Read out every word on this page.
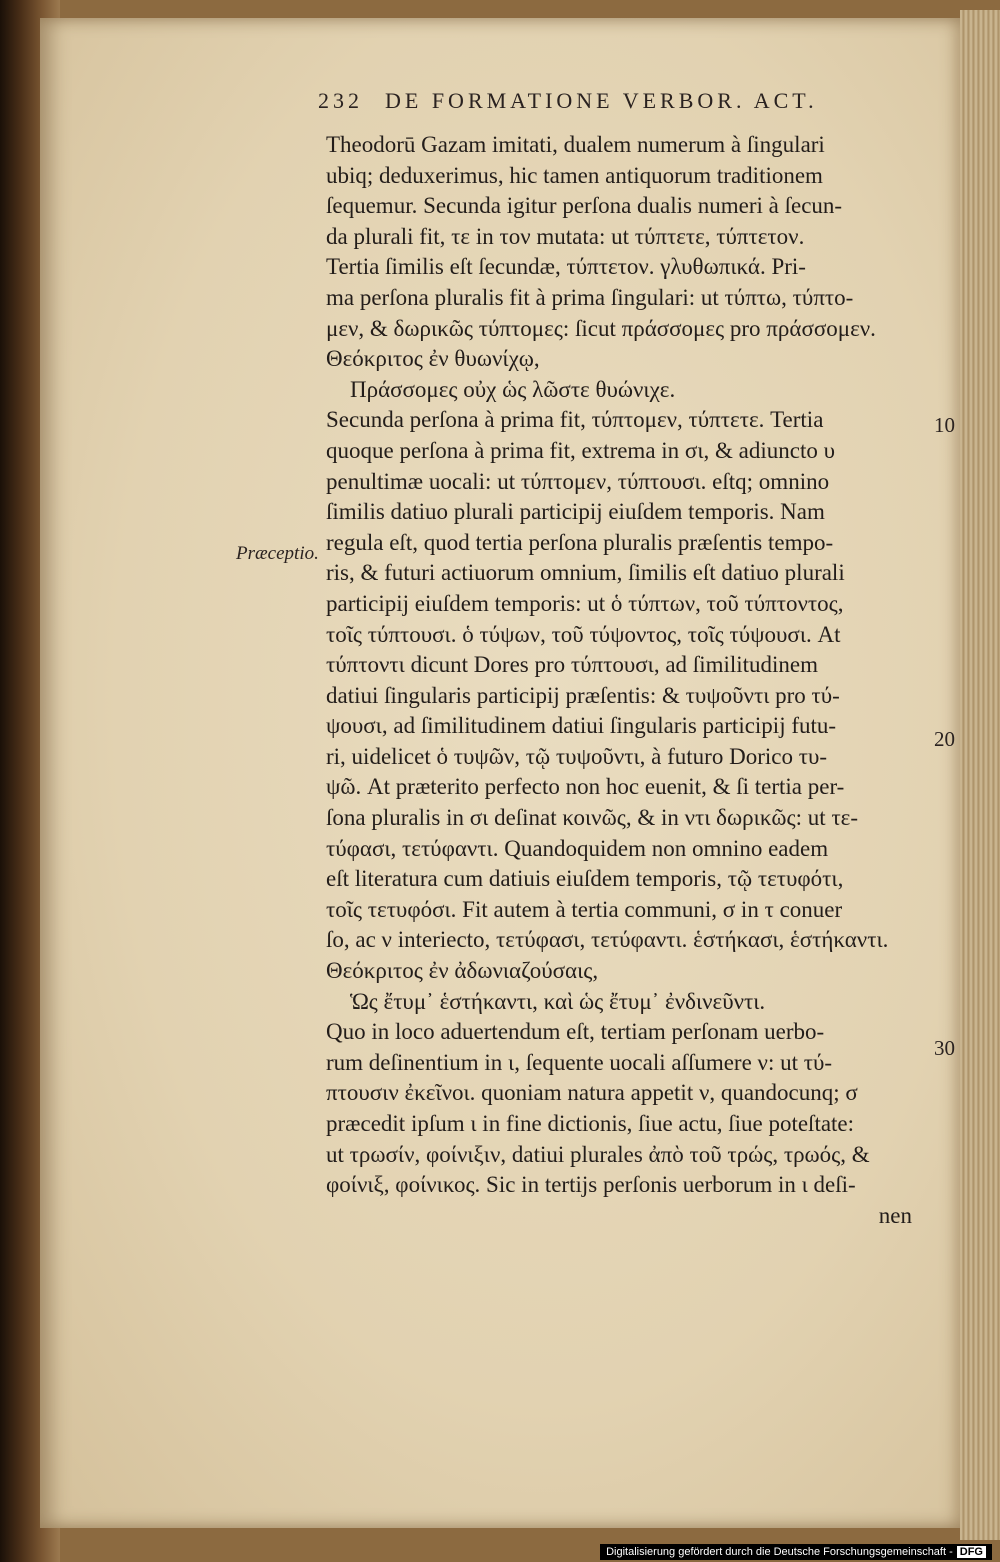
232 DE FORMATIONE VERBOR. ACT.
Præceptio.
10
20
30
Theodorū Gazam imitati, dualem numerum à ſingulari
ubiq; deduxerimus, hic tamen antiquorum traditionem
ſequemur. Secunda igitur perſona dualis numeri à ſecun-
da plurali fit, τε in τον mutata: ut τύπτετε, τύπτετον.
Tertia ſimilis eſt ſecundæ, τύπτετον. γλυθωπικά. Pri-
ma perſona pluralis fit à prima ſingulari: ut τύπτω, τύπτο-
μεν, & δωρικῶς τύπτομες: ſicut πράσσομες pro πράσσομεν.
Θεόκριτος ἐν θυωνίχῳ,
Πράσσομες οὐχ ὡς λῶστε θυώνιχε.
Secunda perſona à prima fit, τύπτομεν, τύπτετε. Tertia
quoque perſona à prima fit, extrema in σι, & adiuncto υ
penultimæ uocali: ut τύπτομεν, τύπτουσι. eſtq; omnino
ſimilis datiuo plurali participij eiuſdem temporis. Nam
regula eſt, quod tertia perſona pluralis præſentis tempo-
ris, & futuri actiuorum omnium, ſimilis eſt datiuo plurali
participij eiuſdem temporis: ut ὁ τύπτων, τοῦ τύπτοντος,
τοῖς τύπτουσι. ὁ τύψων, τοῦ τύψοντος, τοῖς τύψουσι. At
τύπτοντι dicunt Dores pro τύπτουσι, ad ſimilitudinem
datiui ſingularis participij præſentis: & τυψοῦντι pro τύ-
ψουσι, ad ſimilitudinem datiui ſingularis participij futu-
ri, uidelicet ὁ τυψῶν, τῷ τυψοῦντι, à futuro Dorico τυ-
ψῶ. At præterito perfecto non hoc euenit, & ſi tertia per-
ſona pluralis in σι deſinat κοινῶς, & in ντι δωρικῶς: ut τε-
τύφασι, τετύφαντι. Quandoquidem non omnino eadem
eſt literatura cum datiuis eiuſdem temporis, τῷ τετυφότι,
τοῖς τετυφόσι. Fit autem à tertia communi, σ in τ conuer
ſo, ac ν interiecto, τετύφασι, τετύφαντι. ἑστήκασι, ἑστήκαντι.
Θεόκριτος ἐν ἀδωνιαζούσαις,
Ὡς ἔτυμ᾽ ἑστήκαντι, καὶ ὡς ἔτυμ᾽ ἐνδινεῦντι.
Quo in loco aduertendum eſt, tertiam perſonam uerbo-
rum deſinentium in ι, ſequente uocali aſſumere ν: ut τύ-
πτουσιν ἐκεῖνοι. quoniam natura appetit ν, quandocunq; σ
præcedit ipſum ι in fine dictionis, ſiue actu, ſiue poteſtate:
ut τρωσίν, φοίνιξιν, datiui plurales ἀπὸ τοῦ τρώς, τρωός, &
φοίνιξ, φοίνικος. Sic in tertijs perſonis uerborum in ι deſi-
nen
Digitalisierung gefördert durch die Deutsche Forschungsgemeinschaft - DFG
